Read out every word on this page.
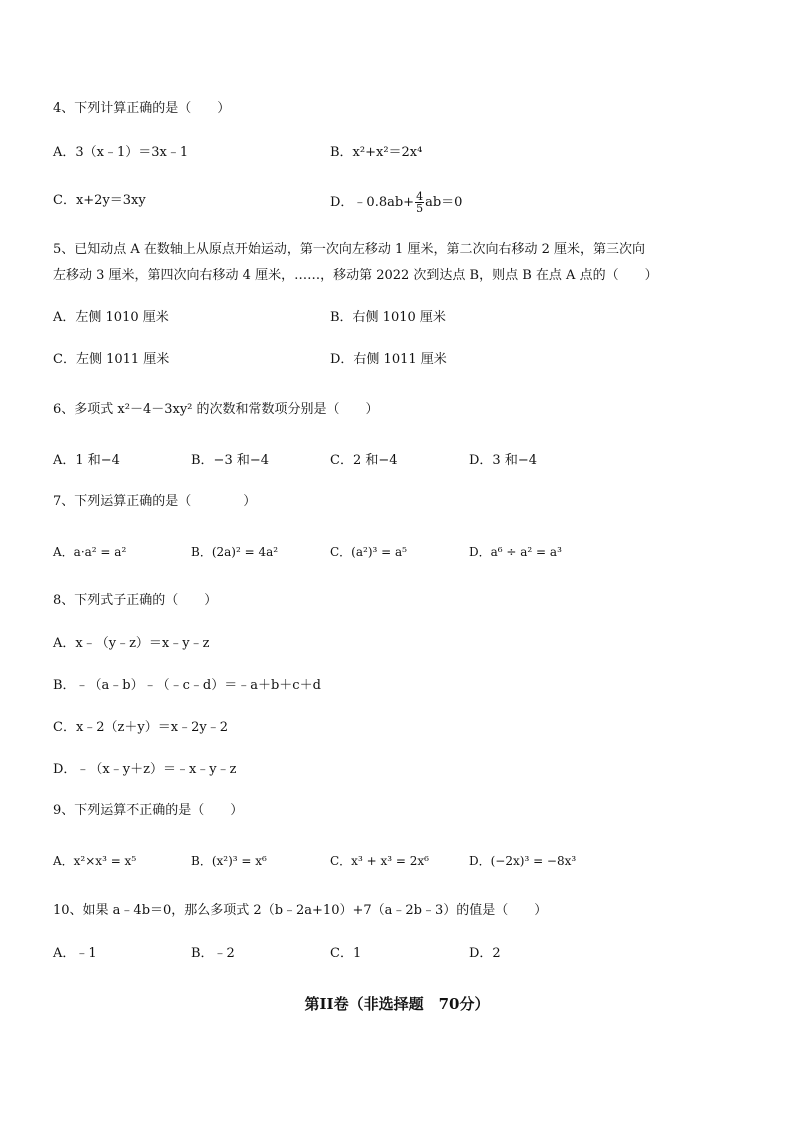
4、下列计算正确的是（　　）
A．3（x﹣1）＝3x﹣1	B．x²+x²＝2x⁴
C．x+2y＝3xy	D．﹣0.8ab+ $\frac{4}{5} ab=0$
5、已知动点 A 在数轴上从原点开始运动，第一次向左移动 1 厘米，第二次向右移动 2 厘米，第三次向
左移动 3 厘米，第四次向右移动 4 厘米，……，移动第 2022 次到达点 B，则点 B 在点 A 点的（　　）
A．左侧 1010 厘米	B．右侧 1010 厘米
C．左侧 1011 厘米	D．右侧 1011 厘米
6、多项式 x²－4－3xy² 的次数和常数项分别是（　　）
A．1 和−4	B．−3 和−4	C．2 和−4	D．3 和−4
7、下列运算正确的是（　　　　）
A．a·a² = a²	B．(2a)² = 4a²	C．(a²)³ = a⁵	D．a⁶ ÷ a² = a³
8、下列式子正确的（　　）
A．x﹣（y﹣z）＝x﹣y﹣z
B．﹣（a﹣b）﹣（﹣c﹣d）＝﹣a＋b＋c＋d
C．x﹣2（z＋y）＝x﹣2y﹣2
D．﹣（x﹣y＋z）＝﹣x﹣y﹣z
9、下列运算不正确的是（　　）
A．x²×x³ = x⁵	B．(x²)³ = x⁶	C．x³ + x³ = 2x⁶	D．(−2x)³ = −8x³
10、如果 a﹣4b＝0，那么多项式 2（b﹣2a+10）+7（a﹣2b﹣3）的值是（　　）
A．﹣1	B．﹣2	C．1	D．2
第II卷（非选择题　70分）
